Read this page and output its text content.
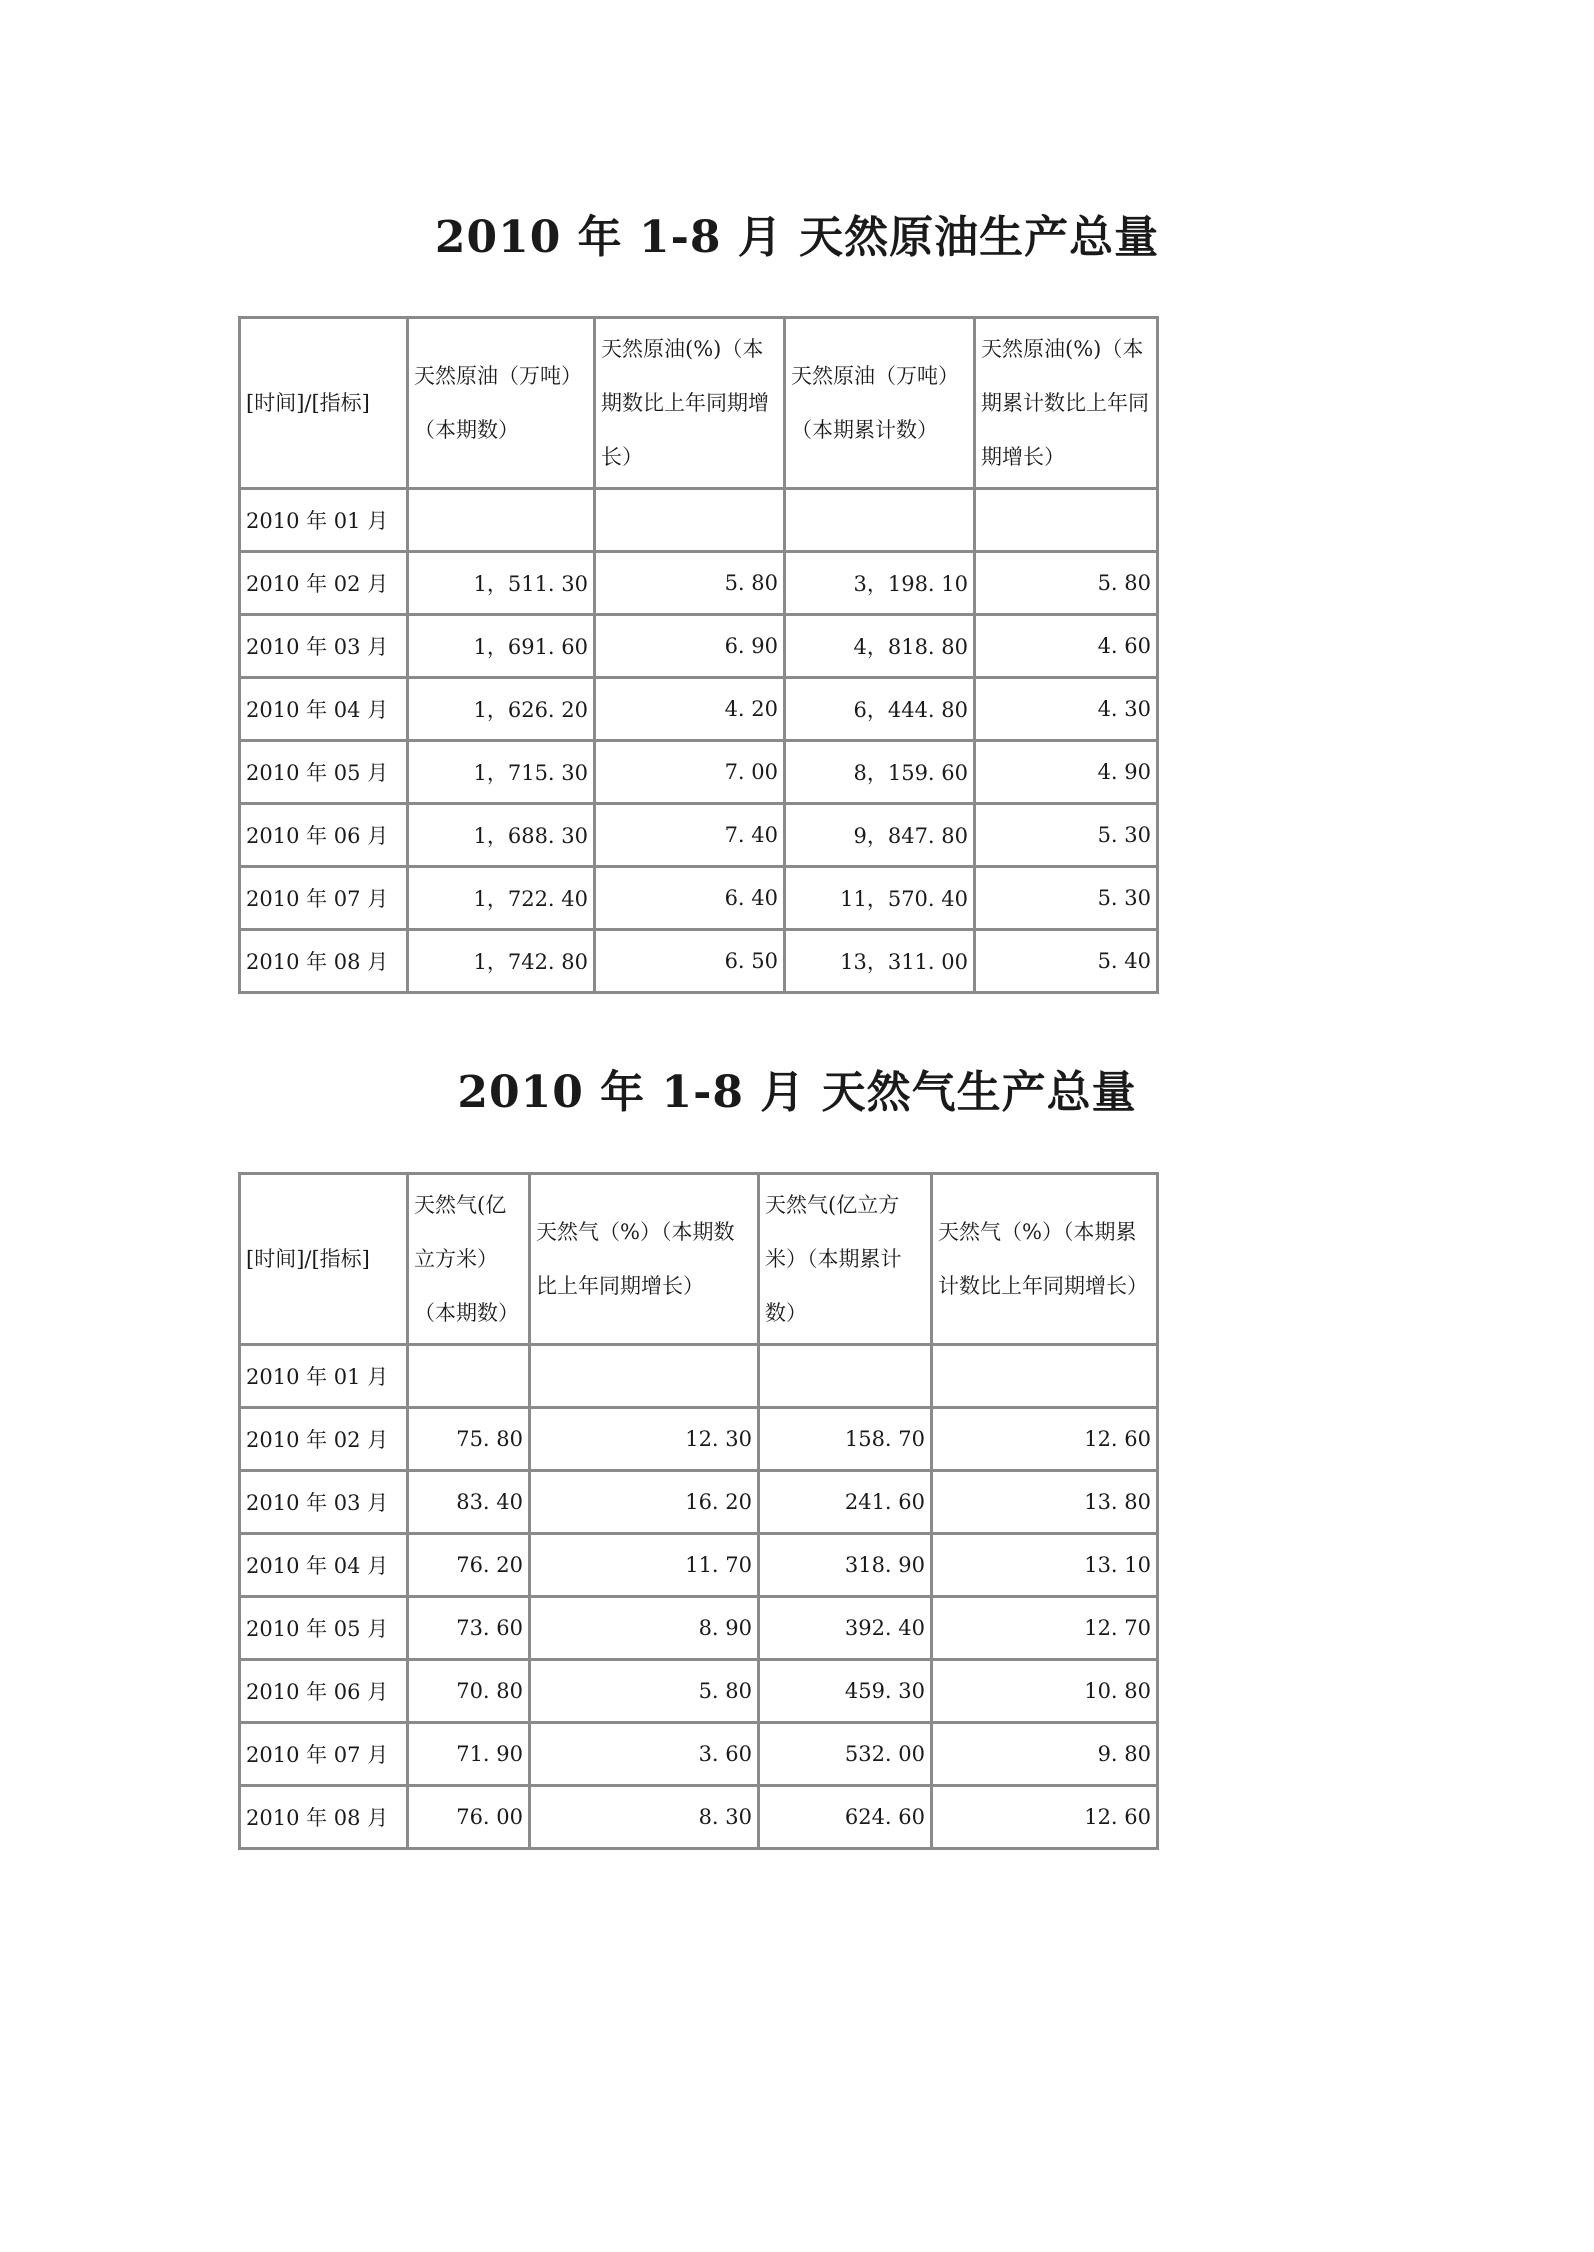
2010 年 1-8 月 天然原油生产总量
[时间]/[指标]	天然原油（万吨）（本期数）	天然原油(%)（本期数比上年同期增长）	天然原油（万吨）（本期累计数）	天然原油(%)（本期累计数比上年同期增长）
2010 年 01 月				
2010 年 02 月	1，511. 30	5. 80	3，198. 10	5. 80
2010 年 03 月	1，691. 60	6. 90	4，818. 80	4. 60
2010 年 04 月	1，626. 20	4. 20	6，444. 80	4. 30
2010 年 05 月	1，715. 30	7. 00	8，159. 60	4. 90
2010 年 06 月	1，688. 30	7. 40	9，847. 80	5. 30
2010 年 07 月	1，722. 40	6. 40	11，570. 40	5. 30
2010 年 08 月	1，742. 80	6. 50	13，311. 00	5. 40
2010 年 1-8 月 天然气生产总量
[时间]/[指标]	天然气(亿立方米）（本期数）	天然气（%）（本期数比上年同期增长）	天然气(亿立方米）（本期累计数）	天然气（%）（本期累计数比上年同期增长）
2010 年 01 月				
2010 年 02 月	75. 80	12. 30	158. 70	12. 60
2010 年 03 月	83. 40	16. 20	241. 60	13. 80
2010 年 04 月	76. 20	11. 70	318. 90	13. 10
2010 年 05 月	73. 60	8. 90	392. 40	12. 70
2010 年 06 月	70. 80	5. 80	459. 30	10. 80
2010 年 07 月	71. 90	3. 60	532. 00	9. 80
2010 年 08 月	76. 00	8. 30	624. 60	12. 60
